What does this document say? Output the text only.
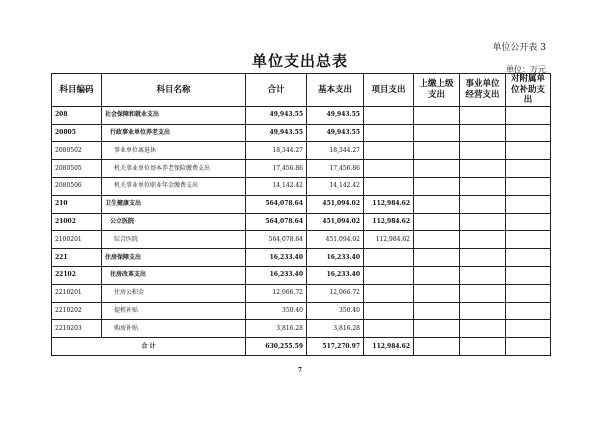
单位公开表 3
单位支出总表	单位：万元
科目编码	科目名称	合计	基本支出	项目支出	上缴上级支出	事业单位经营支出	对附属单位补助支出
208	社会保障和就业支出	49,943.55	49,943.55				
20805	行政事业单位养老支出	49,943.55	49,943.55				
2080502	事业单位离退休	18,344.27	18,344.27				
2080505	机关事业单位基本养老保险缴费支出	17,456.86	17,456.86				
2080506	机关事业单位职业年金缴费支出	14,142.42	14,142.42				
210	卫生健康支出	564,078.64	451,094.02	112,984.62			
21002	公立医院	564,078.64	451,094.02	112,984.62			
2100201	综合医院	564,078.64	451,094.02	112,984.62			
221	住房保障支出	16,233.40	16,233.40				
22102	住房改革支出	16,233.40	16,233.40				
2210201	住房公积金	12,066.72	12,066.72				
2210202	提租补贴	350.40	350.40				
2210203	购房补贴	3,816.28	3,816.28				
合 计		630,255.59	517,270.97	112,984.62			
7
